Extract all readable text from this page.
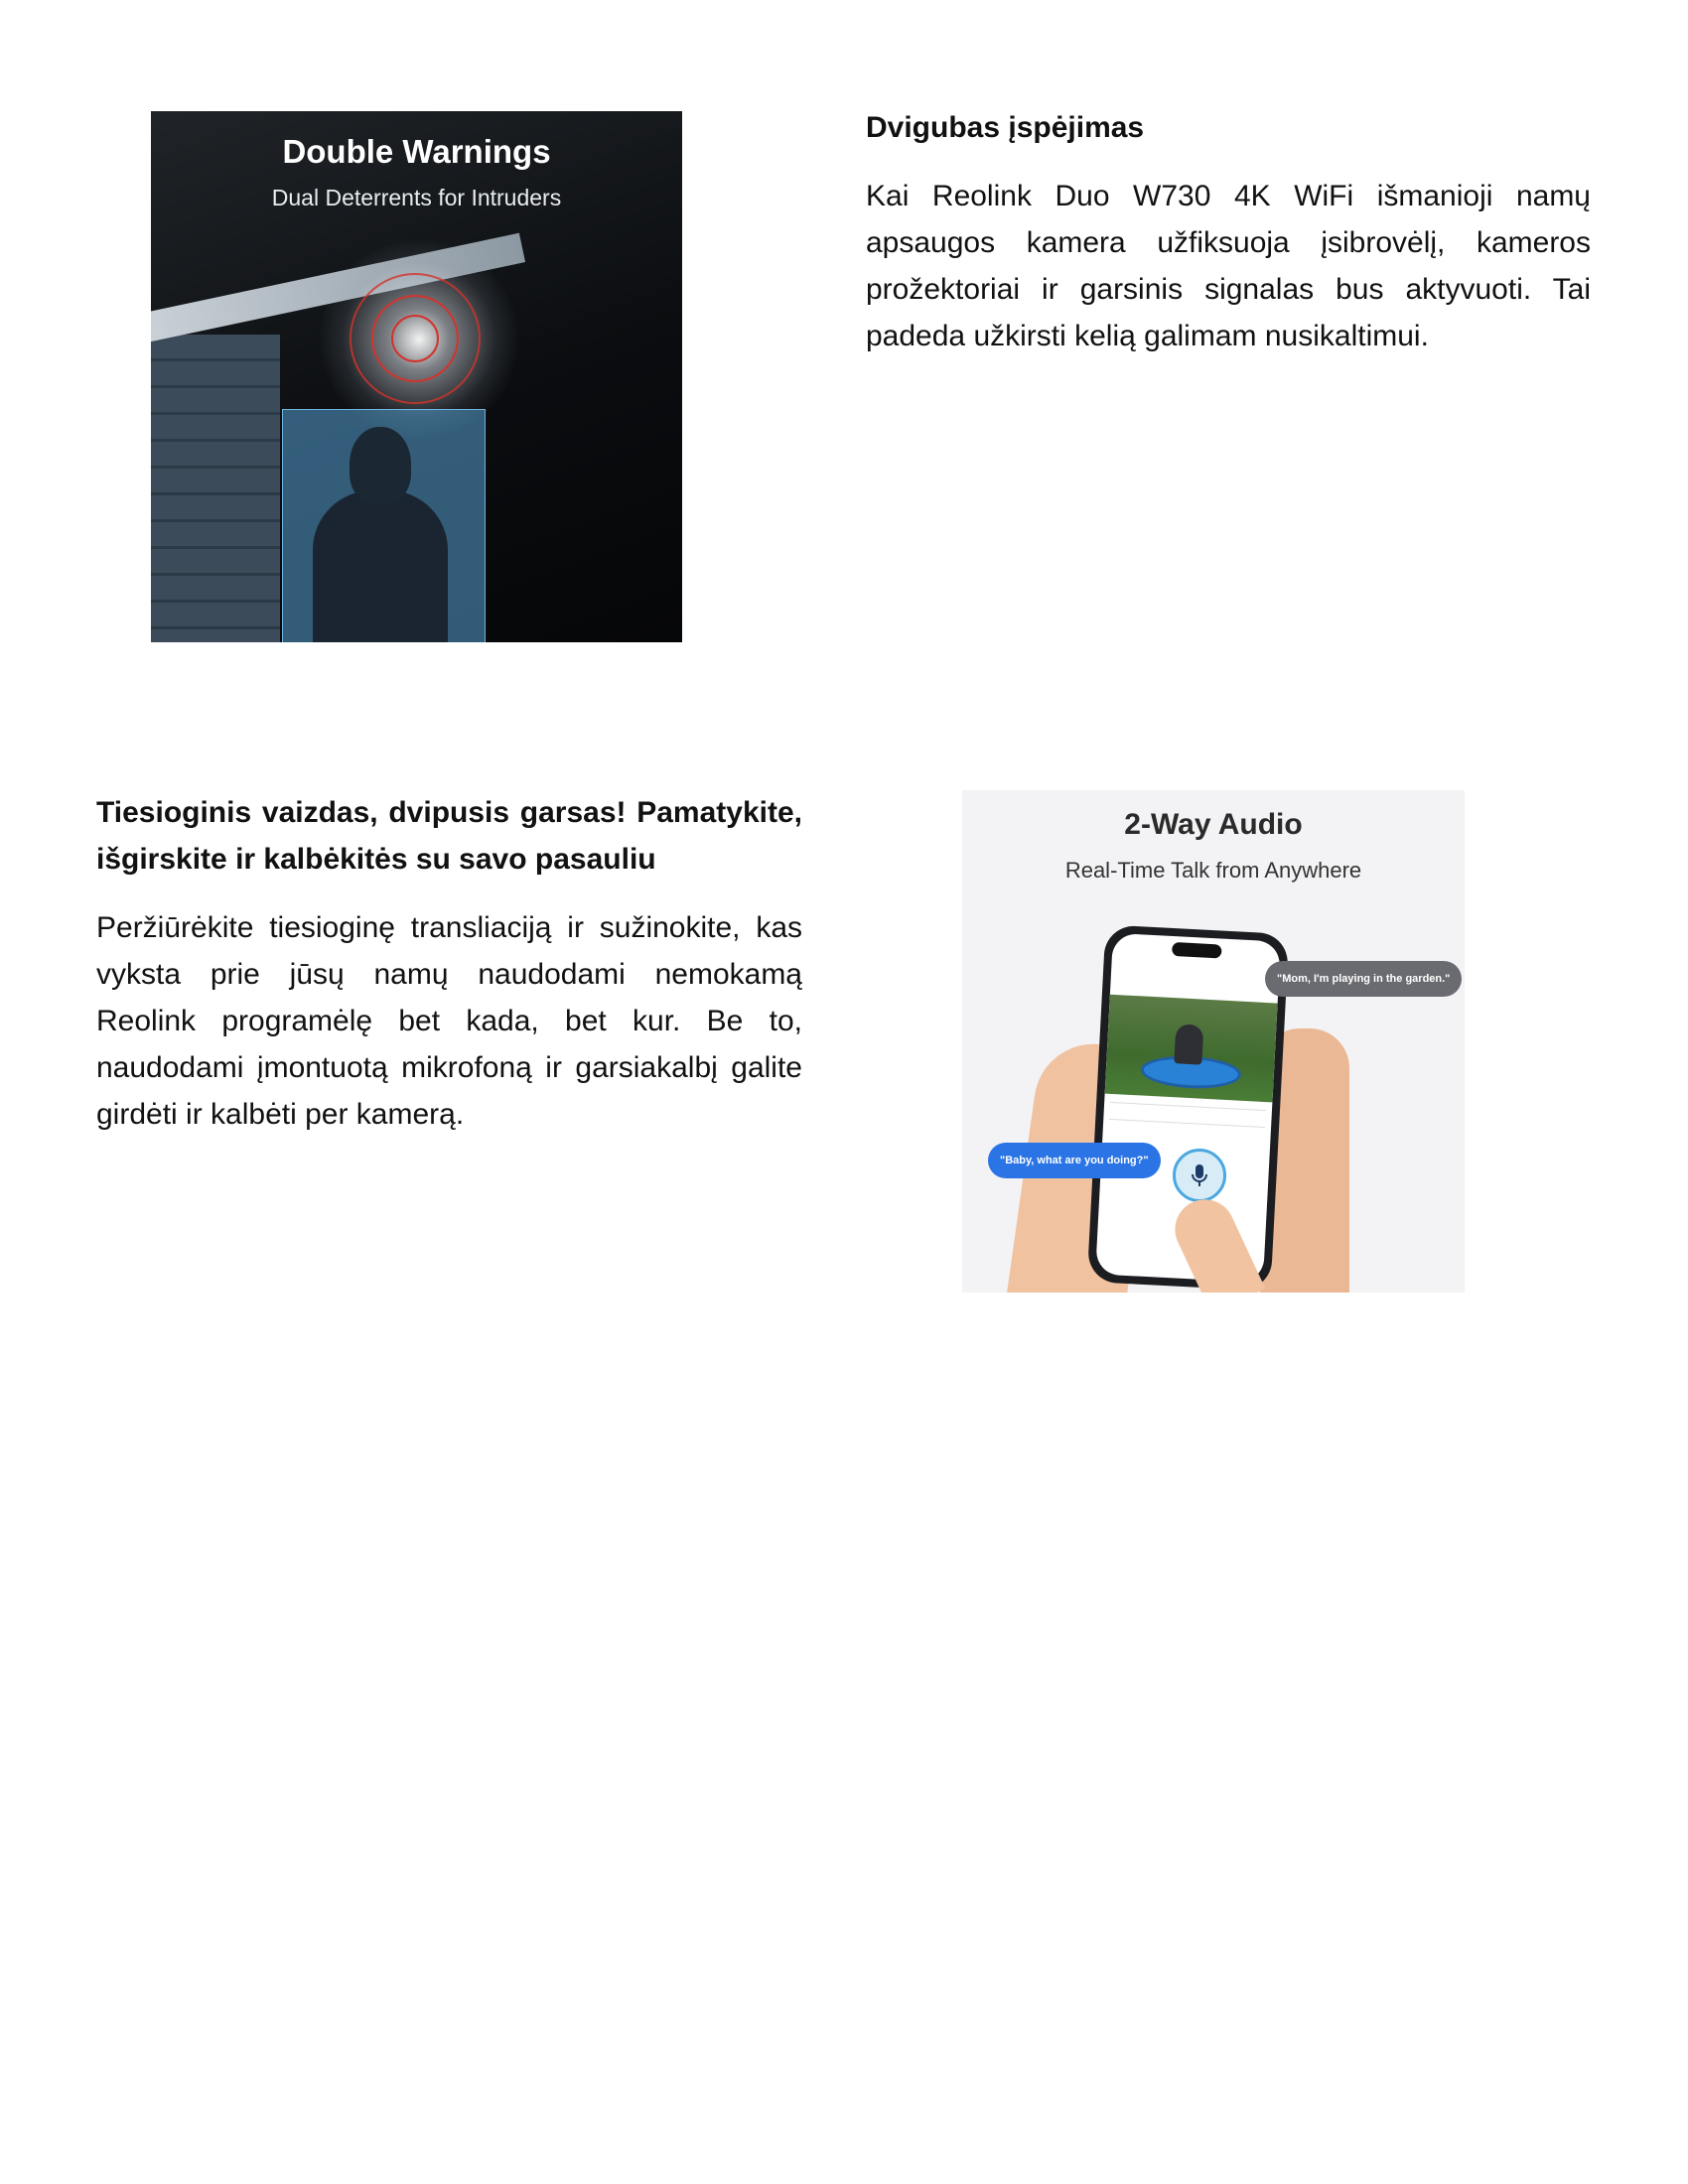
Double Warnings
Dual Deterrents for Intruders

Dvigubas įspėjimas

Kai Reolink Duo W730 4K WiFi išmanioji namų apsaugos kamera užfiksuoja įsibrovėlį, kameros prožektoriai ir garsinis signalas bus aktyvuoti. Tai padeda užkirsti kelią galimam nusikaltimui.

Tiesioginis vaizdas, dvipusis garsas! Pamatykite, išgirskite ir kalbėkitės su savo pasauliu

Peržiūrėkite tiesioginę transliaciją ir sužinokite, kas vyksta prie jūsų namų naudodami nemokamą Reolink programėlę bet kada, bet kur. Be to, naudodami įmontuotą mikrofoną ir garsiakalbį galite girdėti ir kalbėti per kamerą.

2-Way Audio
Real-Time Talk from Anywhere
"Mom, I'm playing in the garden."
"Baby, what are you doing?"
